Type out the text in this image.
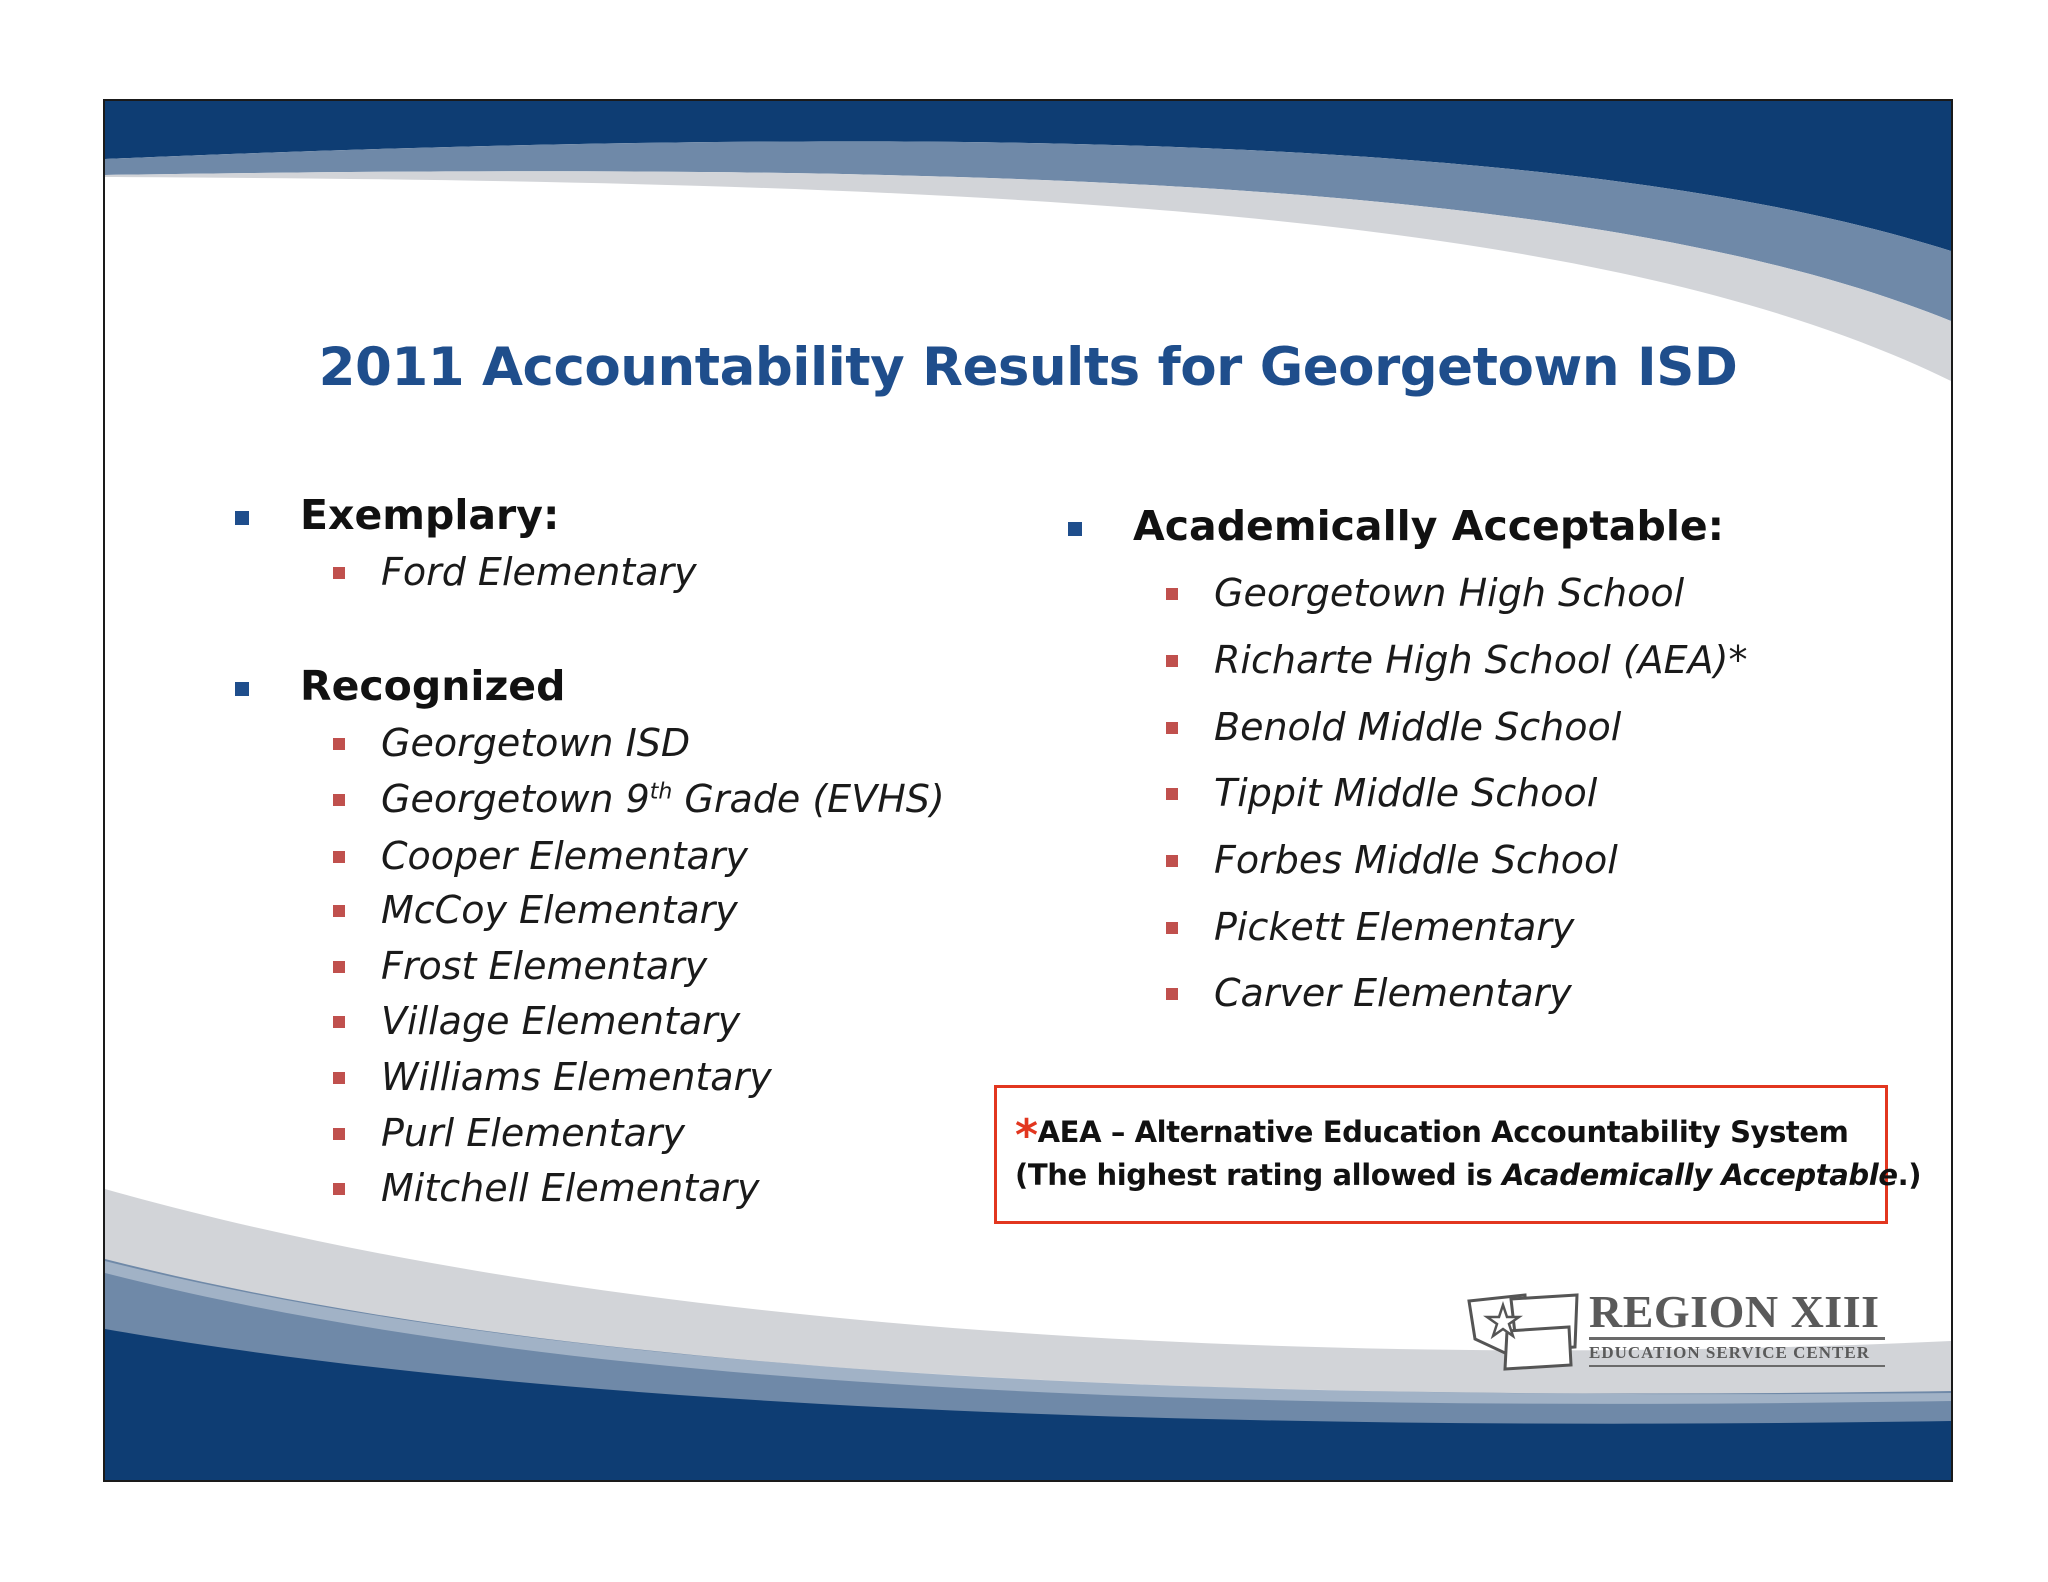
2011 Accountability Results for Georgetown ISD
Exemplary:
Ford Elementary
Recognized
Georgetown ISD
Georgetown 9th Grade (EVHS)
Cooper Elementary
McCoy Elementary
Frost Elementary
Village Elementary
Williams Elementary
Purl Elementary
Mitchell Elementary
Academically Acceptable:
Georgetown High School
Richarte High School (AEA)*
Benold Middle School
Tippit Middle School
Forbes Middle School
Pickett Elementary
Carver Elementary

*AEA – Alternative Education Accountability System

(The highest rating allowed is Academically Acceptable.)

REGION XIII
EDUCATION SERVICE CENTER
